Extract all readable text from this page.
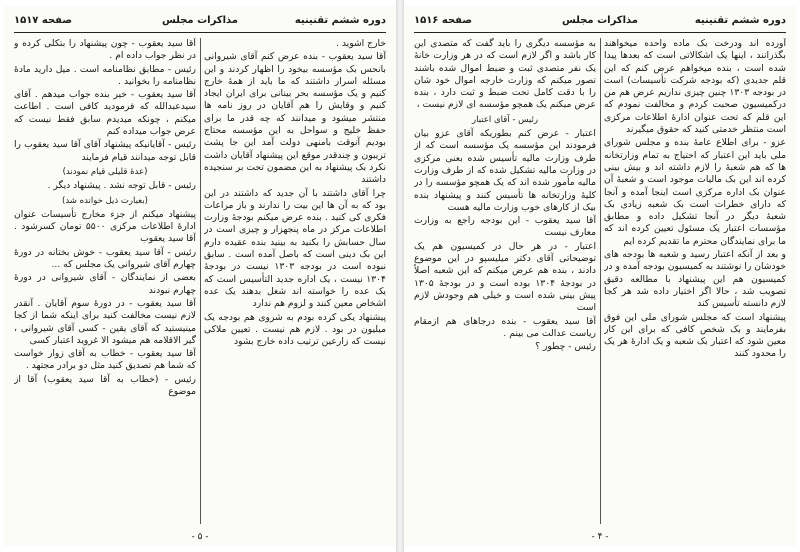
صفحه ۱۵۱۷	مذاکرات مجلس	دوره ششم تقنینیه

خارج اشوید .

آقا سید یعقوب - بنده عرض کنم آقای شیروانی بانحس بک مؤسسه بیخود را اظهار کردند و این مسئله اسرار داشتند که ما باید از همهٔ خارج کنیم و یک مؤسسه بحر بینانی برای ایران ایجاد کنیم و وقایش را هم آقایان در روز نامه ها منتشر میشود و میدانند که چه قدر ما برای حفظ خلیج و سواحل به این مؤسسه محتاج بودیم آنوقت بامنهی دولت آمد این جا پشت تریبون و چندقدر موقع این پیشنهاد آقایان داشت نکرد بک پیشنهاد به این مضمون تحت بر سنجیده داشتند

چرا آقای داشتند با آن جدید که داشتند در این بود که به آن ها این بیت را ندارند و باز مراعات فکری کی کنید . بنده عرض میکنم بودجهٔ وزارت اطلاعات مرکز در ماه پنجهزار و چیزی است در سال حسابش را بکنید به بینید بنده عقیده دارم این بک دینی است که باصل آمده است . سابق نبوده است در بودجه ۱۳۰۳ نیست در بودجهٔ ۱۳۰۴ نیست ، یک اداره جدید التأسیس است که یک عده را خواسته اند شغل بدهند یک عده اشخاص معین کنند و لزوم هم ندارد

پیشنهاد یکی کرده بودم به شروی هم بودجه یک میلیون در بود . لازم هم نیست . تعیین ملاکی نیست که زارعین ترتیب داده خارج بشود

آقا سید یعقوب - چون پیشنهاد را بتکلی کرده و در نظر جواب داده ام .

رئیس - مطابق نظامنامه است . میل دارید مادهٔ نظامنامه را بخوانید .

آقا سید یعقوب - خیر بنده جواب میدهم . آقای سیدعبدالله که فرمودید کافی است . اطاعت میکنم ، چونکه میدیدم سابق فقط نیست که عرض جواب میداده کنم

رئیس - آقایانیکه پیشنهاد آقای آقا سید یعقوب را قابل توجه میدانند قیام فرمایند

(عدهٔ قلیلی قیام نمودند)

رئیس - قابل توجه نشد . پیشنهاد دیگر .

(بعبارت ذیل خوانده شد)

پیشنهاد میکنم از جزء مخارج تأسیسات عنوان ادارهٔ اطلاعات مرکزی ۵۵۰۰ تومان کسرشود . آقا سید یعقوب

رئیس - آقا سید یعقوب - خوش بختانه در دورهٔ چهارم آقای شیروانی یک مجلس که ...

بعضی از نمایندگان - آقای شیروانی در دورهٔ چهارم نبودند

آقا سید یعقوب - در دورهٔ سوم آقایان . آنقدر لازم نیست مخالفت کنید برای اینکه شما از کجا مینیستید که آقای یقین - کسی آقای شیروانی ، گیر الاقلامه هم میشود الا غروید اعتبار کسی

آقا سید یعقوب - خطاب به آقای زوار خواست که شما هم تصدیق کنید مثل دو برادر مجتهد .

رئیس - (خطاب به آقا سید یعقوب) آقا از موضوع

- ۵ -
صفحه ۱۵۱۶	مذاکرات مجلس	دوره ششم تقنینیه

آورده اند ودرخت بک ماده واحده میخواهند بگذرانند ، اینها یک اشکالاتی است که بعدها پیدا شده است ، بنده میخواهم عرض کنم که این قلم جدیدی (که بودجه شرکت تأسیسات) است در بودجه ۱۳۰۳ چنین چیزی نداریم عرض هم من درکمیسیون صحبت کردم و مخالفت نمودم که این قلم که تحت عنوان ادارهٔ اطلاعات مرکزی است منتظر خدمتی کنید که حقوق میگیرند

عزو - برای اطلاع عامهٔ بنده و مجلس شورای ملی باید این اعتبار که احتیاج به تمام وزارتخانه ها که هم شعبهٔ را لازم داشته اند و بیش بینی کرده اند این بک مالیات موجود است و شعبهٔ آن عنوان بک اداره مرکزی است اینجا آمده و آنجا که دارای خطرات است بک شعبه زیادی بک شعبهٔ دیگر در آنجا تشکیل داده و مطابق مؤسسات اعتبار یک مسئول تعیین کرده اند که ما برای نمایندگان محترم ما تقدیم کرده ایم

و بعد از آنکه اعتبار رسید و شعبه ها بودجه های خودشان را نوشتند به کمیسیون بودجه آمده و در کمیسیون هم این پیشنهاد با مطالعه دقیق تصویب شد ، حالا اگر اختیار داده شد هر کجا لازم دانسته تأسیس کند

پیشنهاد است که مجلس شورای ملی این فوق بفرمایند و بک شخص کافی که برای این کار معین شود که اعتبار بک شعبه و یک ادارهٔ هر یک را محدود کنند

به مؤسسه دیگری را باید گفت که متصدی این کار باشد و اگر لازم است که در هر وزارت خانهٔ یک نفر متصدی ثبت و ضبط اموال شده باشند تصور میکنم که وزارت خارجه اموال خود شان را با دقت کامل تحت ضبط و ثبت دارد ، بنده عرض میکنم یک همچو مؤسسه ای لازم نیست ،

رئیس - آقای اعتبار

اعتبار - عرض کنم بطوریکه آقای عزو بیان فرمودند این مؤسسه یک مؤسسه است که از طرف وزارت مالیه تأسیس شده بعنی مرکزی در وزارت مالیه تشکیل شده که از طرف وزارت مالیه مأمور شده اند که یک همچو مؤسسه را در کلیهٔ وزارتخانه ها تأسیس کنند و پیشنهاد بنده بیک از کارهای خوب وزارت مالیه هست

آقا سید یعقوب - این بودجه راجع به وزارت معارف نیست

اعتبار - در هر حال در کمیسیون هم یک توضیحاتی آقای دکتر میلیسپو در این موضوع دادند ، بنده هم عرض میکنم که این شعبه اصلاً در بودجهٔ ۱۳۰۴ بوده است و در بودجهٔ ۱۳۰۵ پیش بینی شده است و خیلی هم وجودش لازم است

آقا سید یعقوب - بنده درجاهای هم ازمقام ریاست عدالت می بینم .

رئیس - چطور ؟

- ۴ -
